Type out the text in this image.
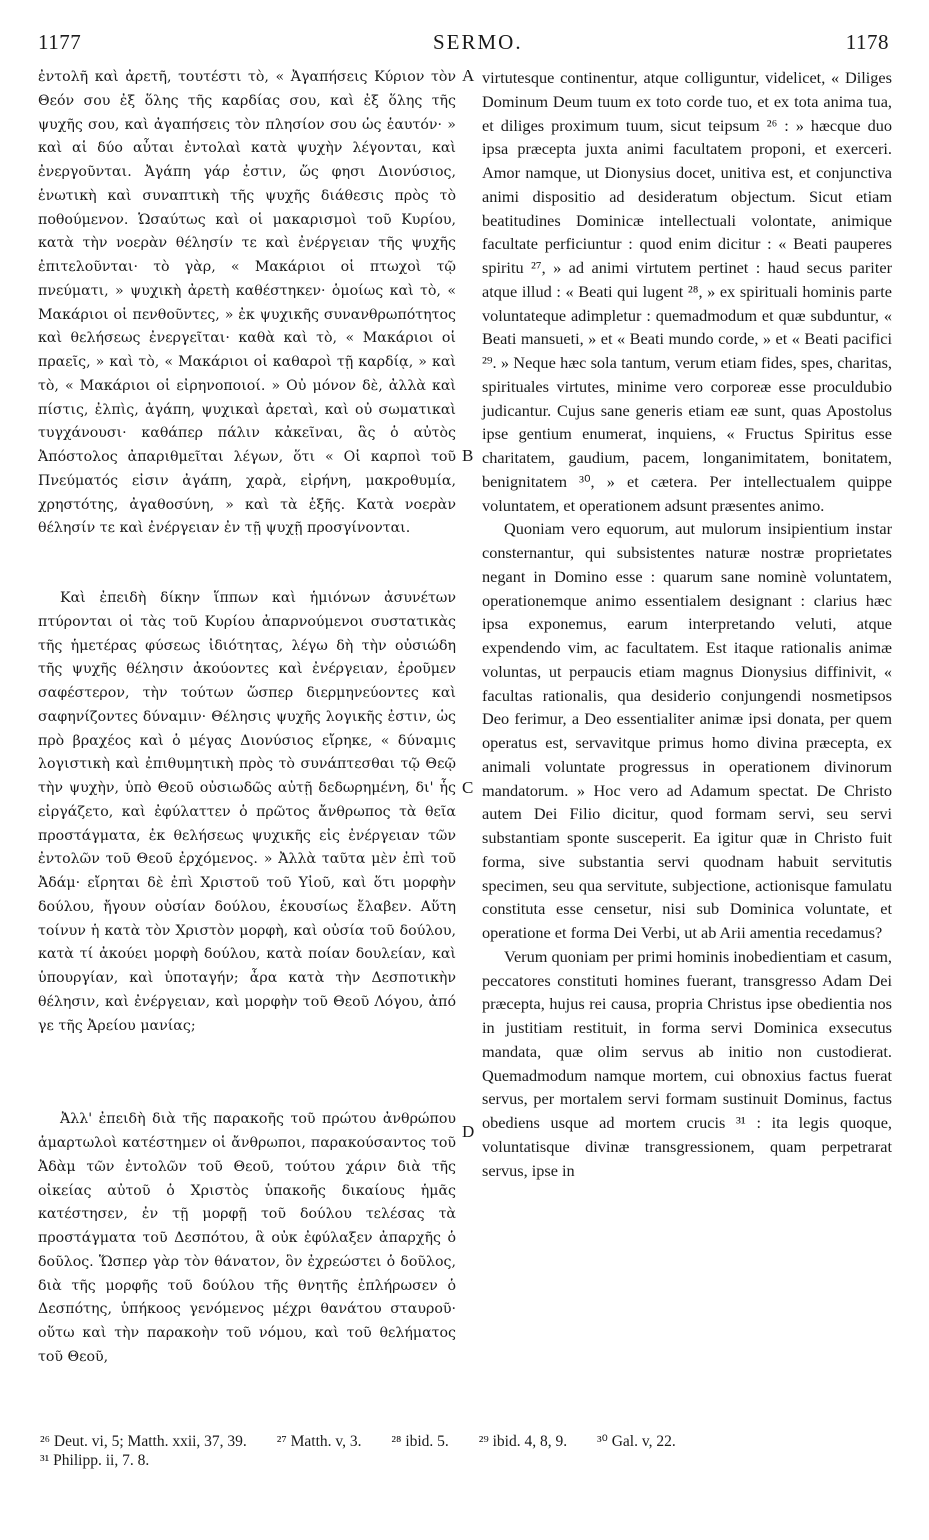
1177	SERMO.	1178

ἐντολῆ καὶ ἀρετῆ, τουτέστι τὸ, « Ἀγαπήσεις Κύριον τὸν Θεόν σου ἐξ ὅλης τῆς καρδίας σου, καὶ ἐξ ὅλης τῆς ψυχῆς σου, καὶ ἀγαπήσεις τὸν πλησίον σου ὡς ἑαυτόν· » καὶ αἱ δύο αὗται ἐντολαὶ κατὰ ψυχὴν λέγονται, καὶ ἐνεργοῦνται. Ἀγάπη γάρ ἐστιν, ὥς φησι Διονύσιος, ἑνωτικὴ καὶ συναπτικὴ τῆς ψυχῆς διάθεσις πρὸς τὸ ποθούμενον. Ὡσαύτως καὶ οἱ μακαρισμοὶ τοῦ Κυρίου, κατὰ τὴν νοερὰν θέλησίν τε καὶ ἐνέργειαν τῆς ψυχῆς ἐπιτελοῦνται· τὸ γὰρ, « Μακάριοι οἱ πτωχοὶ τῷ πνεύματι, » ψυχικὴ ἀρετὴ καθέστηκεν· ὁμοίως καὶ τὸ, « Μακάριοι οἱ πενθοῦντες, » ἐκ ψυχικῆς συνανθρωπότητος καὶ θελήσεως ἐνεργεῖται· καθὰ καὶ τὸ, « Μακάριοι οἱ πραεῖς, » καὶ τὸ, « Μακάριοι οἱ καθαροὶ τῇ καρδίᾳ, » καὶ τὸ, « Μακάριοι οἱ εἰρηνοποιοί. » Οὐ μόνον δὲ, ἀλλὰ καὶ πίστις, ἐλπὶς, ἀγάπη, ψυχικαὶ ἀρεταὶ, καὶ οὐ σωματικαὶ τυγχάνουσι· καθάπερ πάλιν κἀκεῖναι, ἃς ὁ αὐτὸς Ἀπόστολος ἀπαριθμεῖται λέγων, ὅτι « Οἱ καρποὶ τοῦ Πνεύματός εἰσιν ἀγάπη, χαρὰ, εἰρήνη, μακροθυμία, χρηστότης, ἀγαθοσύνη, » καὶ τὰ ἑξῆς. Κατὰ νοερὰν θέλησίν τε καὶ ἐνέργειαν ἐν τῇ ψυχῇ προσγίνονται.

Καὶ ἐπειδὴ δίκην ἵππων καὶ ἡμιόνων ἀσυνέτων πτύρονται οἱ τὰς τοῦ Κυρίου ἀπαρνούμενοι συστατικὰς τῆς ἡμετέρας φύσεως ἰδιότητας, λέγω δὴ τὴν οὐσιώδη τῆς ψυχῆς θέλησιν ἀκούοντες καὶ ἐνέργειαν, ἐροῦμεν σαφέστερον, τὴν τούτων ὥσπερ διερμηνεύοντες καὶ σαφηνίζοντες δύναμιν· Θέλησις ψυχῆς λογικῆς ἐστιν, ὡς πρὸ βραχέος καὶ ὁ μέγας Διονύσιος εἴρηκε, « δύναμις λογιστικὴ καὶ ἐπιθυμητικὴ πρὸς τὸ συνάπτεσθαι τῷ Θεῷ τὴν ψυχὴν, ὑπὸ Θεοῦ οὐσιωδῶς αὐτῇ δεδωρημένη, δι' ἧς εἰργάζετο, καὶ ἐφύλαττεν ὁ πρῶτος ἄνθρωπος τὰ θεῖα προστάγματα, ἐκ θελήσεως ψυχικῆς εἰς ἐνέργειαν τῶν ἐντολῶν τοῦ Θεοῦ ἐρχόμενος. » Ἀλλὰ ταῦτα μὲν ἐπὶ τοῦ Ἀδάμ· εἴρηται δὲ ἐπὶ Χριστοῦ τοῦ Υἱοῦ, καὶ ὅτι μορφὴν δούλου, ἤγουν οὐσίαν δούλου, ἑκουσίως ἔλαβεν. Αὕτη τοίνυν ἡ κατὰ τὸν Χριστὸν μορφὴ, καὶ οὐσία τοῦ δούλου, κατὰ τί ἀκούει μορφὴ δούλου, κατὰ ποίαν δουλείαν, καὶ ὑπουργίαν, καὶ ὑποταγήν; ἆρα κατὰ τὴν Δεσποτικὴν θέλησιν, καὶ ἐνέργειαν, καὶ μορφὴν τοῦ Θεοῦ Λόγου, ἀπό γε τῆς Ἀρείου μανίας;

Ἀλλ' ἐπειδὴ διὰ τῆς παρακοῆς τοῦ πρώτου ἀνθρώπου ἁμαρτωλοὶ κατέστημεν οἱ ἄνθρωποι, παρακούσαντος τοῦ Ἀδὰμ τῶν ἐντολῶν τοῦ Θεοῦ, τούτου χάριν διὰ τῆς οἰκείας αὐτοῦ ὁ Χριστὸς ὑπακοῆς δικαίους ἡμᾶς κατέστησεν, ἐν τῇ μορφῇ τοῦ δούλου τελέσας τὰ προστάγματα τοῦ Δεσπότου, ἃ οὐκ ἐφύλαξεν ἀπαρχῆς ὁ δοῦλος. Ὥσπερ γὰρ τὸν θάνατον, ὃν ἐχρεώστει ὁ δοῦλος, διὰ τῆς μορφῆς τοῦ δούλου τῆς θνητῆς ἐπλήρωσεν ὁ Δεσπότης, ὑπήκοος γενόμενος μέχρι θανάτου σταυροῦ· οὕτω καὶ τὴν παρακοὴν τοῦ νόμου, καὶ τοῦ θελήματος τοῦ Θεοῦ,

A
B
C
D

virtutesque continentur, atque colliguntur, videlicet, « Diliges Dominum Deum tuum ex toto corde tuo, et ex tota anima tua, et diliges proximum tuum, sicut teipsum ²⁶ : » hæcque duo ipsa præcepta juxta animi facultatem proponi, et exerceri. Amor namque, ut Dionysius docet, unitiva est, et conjunctiva animi dispositio ad desideratum objectum. Sicut etiam beatitudines Dominicæ intellectuali volontate, animique facultate perficiuntur : quod enim dicitur : « Beati pauperes spiritu ²⁷, » ad animi virtutem pertinet : haud secus pariter atque illud : « Beati qui lugent ²⁸, » ex spirituali hominis parte voluntateque adimpletur : quemadmodum et quæ subduntur, « Beati mansueti, » et « Beati mundo corde, » et « Beati pacifici ²⁹. » Neque hæc sola tantum, verum etiam fides, spes, charitas, spirituales virtutes, minime vero corporeæ esse proculdubio judicantur. Cujus sane generis etiam eæ sunt, quas Apostolus ipse gentium enumerat, inquiens, « Fructus Spiritus esse charitatem, gaudium, pacem, longanimitatem, bonitatem, benignitatem ³⁰, » et cætera. Per intellectualem quippe voluntatem, et operationem adsunt præsentes animo.

Quoniam vero equorum, aut mulorum insipientium instar consternantur, qui subsistentes naturæ nostræ proprietates negant in Domino esse : quarum sane nominè voluntatem, operationemque animo essentialem designant : clarius hæc ipsa exponemus, earum interpretando veluti, atque expendendo vim, ac facultatem. Est itaque rationalis animæ voluntas, ut perpaucis etiam magnus Dionysius diffinivit, « facultas rationalis, qua desiderio conjungendi nosmetipsos Deo ferimur, a Deo essentialiter animæ ipsi donata, per quem operatus est, servavitque primus homo divina præcepta, ex animali voluntate progressus in operationem divinorum mandatorum. » Hoc vero ad Adamum spectat. De Christo autem Dei Filio dicitur, quod formam servi, seu servi substantiam sponte susceperit. Ea igitur quæ in Christo fuit forma, sive substantia servi quodnam habuit servitutis specimen, seu qua servitute, subjectione, actionisque famulatu constituta esse censetur, nisi sub Dominica voluntate, et operatione et forma Dei Verbi, ut ab Arii amentia recedamus?

Verum quoniam per primi hominis inobedientiam et casum, peccatores constituti homines fuerant, transgresso Adam Dei præcepta, hujus rei causa, propria Christus ipse obedientia nos in justitiam restituit, in forma servi Dominica exsecutus mandata, quæ olim servus ab initio non custodierat. Quemadmodum namque mortem, cui obnoxius factus fuerat servus, per mortalem servi formam sustinuit Dominus, factus obediens usque ad mortem crucis ³¹ : ita legis quoque, voluntatisque divinæ transgressionem, quam perpetrarat servus, ipse in

²⁶ Deut. vi, 5; Matth. xxii, 37, 39. ²⁷ Matth. v, 3. ²⁸ ibid. 5. ²⁹ ibid. 4, 8, 9. ³⁰ Gal. v, 22.
³¹ Philipp. ii, 7. 8.
